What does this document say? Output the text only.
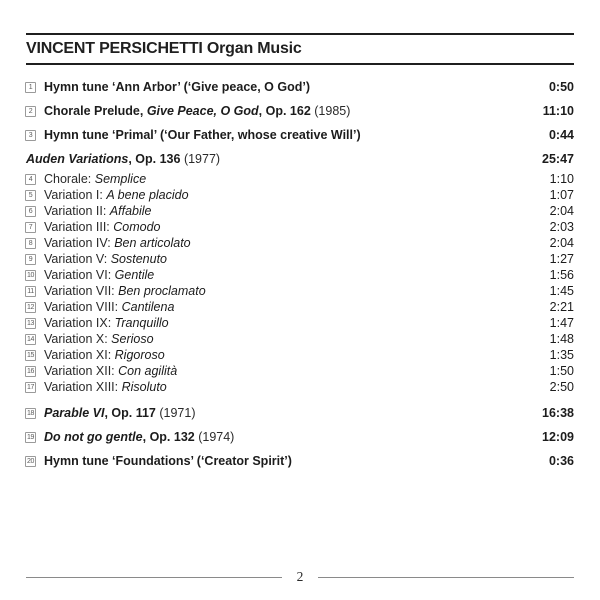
VINCENT PERSICHETTI Organ Music
1 Hymn tune ‘Ann Arbor’ (‘Give peace, O God’)	0:50
2 Chorale Prelude, Give Peace, O God, Op. 162 (1985)	11:10
3 Hymn tune ‘Primal’ (‘Our Father, whose creative Will’)	0:44
Auden Variations, Op. 136 (1977)	25:47
4 Chorale: Semplice	1:10
5 Variation I: A bene placido	1:07
6 Variation II: Affabile	2:04
7 Variation III: Comodo	2:03
8 Variation IV: Ben articolato	2:04
9 Variation V: Sostenuto	1:27
10 Variation VI: Gentile	1:56
11 Variation VII: Ben proclamato	1:45
12 Variation VIII: Cantilena	2:21
13 Variation IX: Tranquillo	1:47
14 Variation X: Serioso	1:48
15 Variation XI: Rigoroso	1:35
16 Variation XII: Con agilità	1:50
17 Variation XIII: Risoluto	2:50
18 Parable VI, Op. 117 (1971)	16:38
19 Do not go gentle, Op. 132 (1974)	12:09
20 Hymn tune ‘Foundations’ (‘Creator Spirit’)	0:36
2
